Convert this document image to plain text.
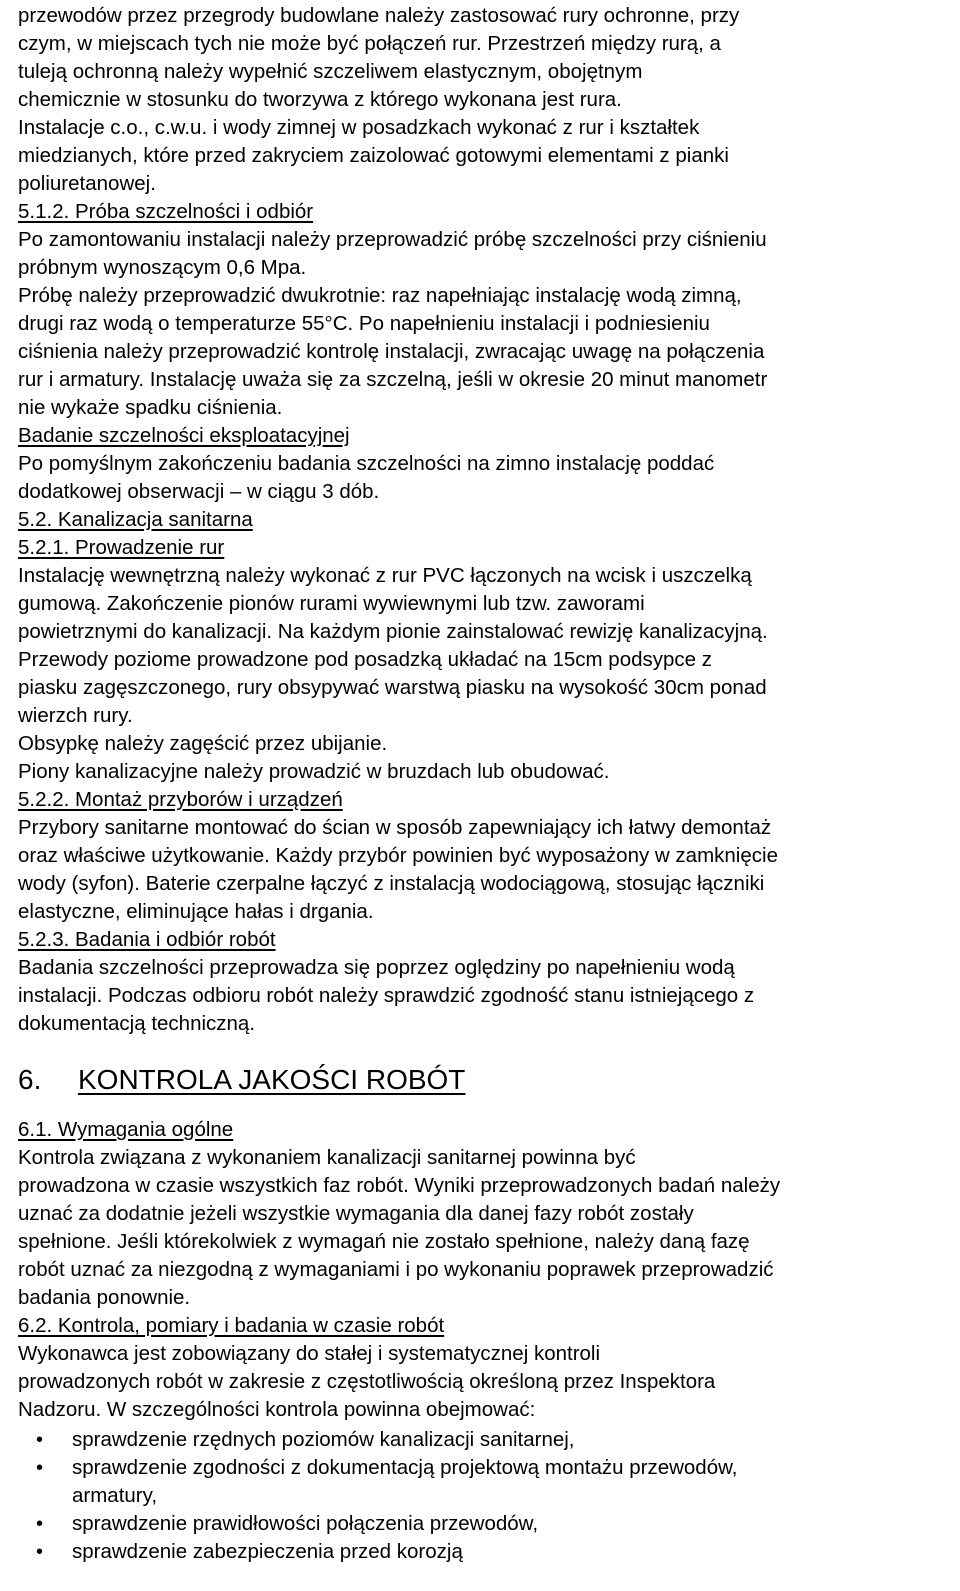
przewodów przez przegrody budowlane należy zastosować rury ochronne, przy
czym, w miejscach tych nie może być połączeń rur. Przestrzeń między rurą, a
tuleją ochronną należy wypełnić szczeliwem elastycznym, obojętnym
chemicznie w stosunku do tworzywa z którego wykonana jest rura.
Instalacje c.o., c.w.u. i wody zimnej w posadzkach wykonać z rur i kształtek
miedzianych, które przed zakryciem zaizolować gotowymi elementami z pianki
poliuretanowej.
5.1.2. Próba szczelności i odbiór
Po zamontowaniu instalacji należy przeprowadzić próbę szczelności przy ciśnieniu
próbnym wynoszącym 0,6 Mpa.
Próbę należy przeprowadzić dwukrotnie: raz napełniając instalację wodą zimną,
drugi raz wodą o temperaturze 55°C. Po napełnieniu instalacji i podniesieniu
ciśnienia należy przeprowadzić kontrolę instalacji, zwracając uwagę na połączenia
rur i armatury. Instalację uważa się za szczelną, jeśli w okresie 20 minut manometr
nie wykaże spadku ciśnienia.
Badanie szczelności eksploatacyjnej
Po pomyślnym zakończeniu badania szczelności na zimno instalację poddać
dodatkowej obserwacji – w ciągu 3 dób.
5.2. Kanalizacja sanitarna
5.2.1. Prowadzenie rur
Instalację wewnętrzną należy wykonać z rur PVC łączonych na wcisk i uszczelką
gumową. Zakończenie pionów rurami wywiewnymi lub tzw. zaworami
powietrznymi do kanalizacji. Na każdym pionie zainstalować rewizję kanalizacyjną.
Przewody poziome prowadzone pod posadzką układać na 15cm podsypce z
piasku zagęszczonego, rury obsypywać warstwą piasku na wysokość 30cm ponad
wierzch rury.
Obsypkę należy zagęścić przez ubijanie.
Piony kanalizacyjne należy prowadzić w bruzdach lub obudować.
5.2.2. Montaż przyborów i urządzeń
Przybory sanitarne montować do ścian w sposób zapewniający ich łatwy demontaż
oraz właściwe użytkowanie. Każdy przybór powinien być wyposażony w zamknięcie
wody (syfon). Baterie czerpalne łączyć z instalacją wodociągową, stosując łączniki
elastyczne, eliminujące hałas i drgania.
5.2.3. Badania i odbiór robót
Badania szczelności przeprowadza się poprzez oględziny po napełnieniu wodą
instalacji. Podczas odbioru robót należy sprawdzić zgodność stanu istniejącego z
dokumentacją techniczną.
6. KONTROLA JAKOŚCI ROBÓT
6.1. Wymagania ogólne
Kontrola związana z wykonaniem kanalizacji sanitarnej powinna być
prowadzona w czasie wszystkich faz robót. Wyniki przeprowadzonych badań należy
uznać za dodatnie jeżeli wszystkie wymagania dla danej fazy robót zostały
spełnione. Jeśli którekolwiek z wymagań nie zostało spełnione, należy daną fazę
robót uznać za niezgodną z wymaganiami i po wykonaniu poprawek przeprowadzić
badania ponownie.
6.2. Kontrola, pomiary i badania w czasie robót
Wykonawca jest zobowiązany do stałej i systematycznej kontroli
prowadzonych robót w zakresie z częstotliwością określoną przez Inspektora
Nadzoru. W szczególności kontrola powinna obejmować:
• sprawdzenie rzędnych poziomów kanalizacji sanitarnej,
• sprawdzenie zgodności z dokumentacją projektową montażu przewodów,
armatury,
• sprawdzenie prawidłowości połączenia przewodów,
• sprawdzenie zabezpieczenia przed korozją
